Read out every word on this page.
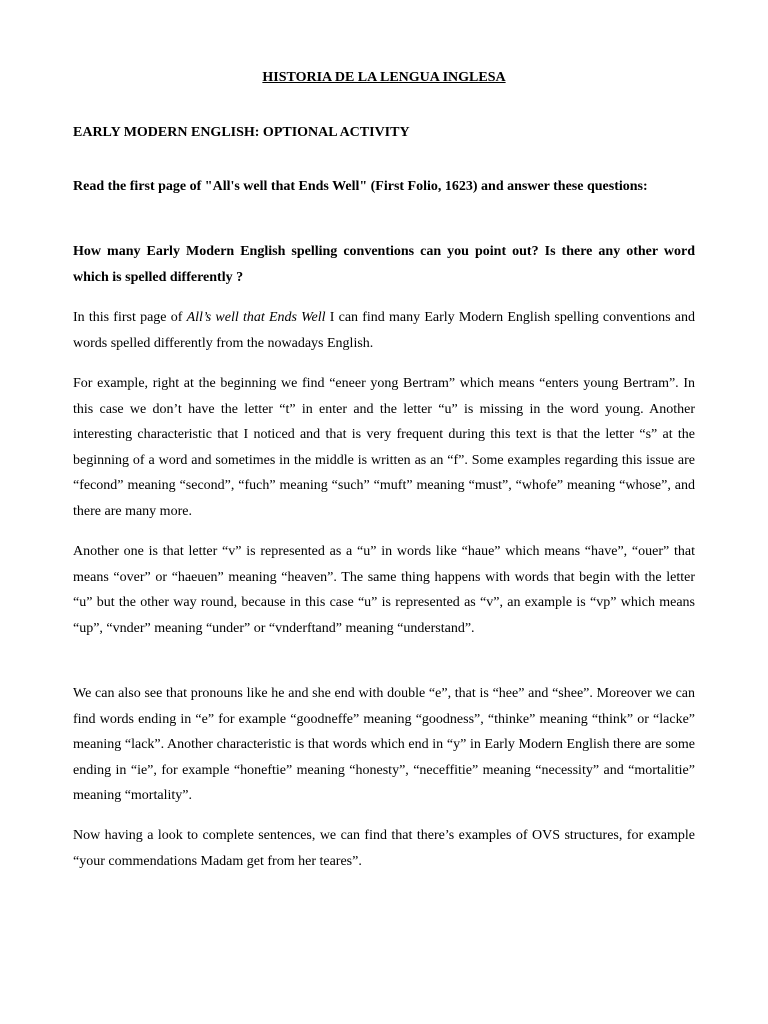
HISTORIA DE LA LENGUA INGLESA
EARLY MODERN ENGLISH: OPTIONAL ACTIVITY

Read the first page of "All's well that Ends Well" (First Folio, 1623) and answer these questions:

How many Early Modern English spelling conventions can you point out? Is there any other word which is spelled differently ?

In this first page of All’s well that Ends Well I can find many Early Modern English spelling conventions and words spelled differently from the nowadays English.

For example, right at the beginning we find “eneer yong Bertram” which means “enters young Bertram”. In this case we don’t have the letter “t” in enter and the letter “u” is missing in the word young. Another interesting characteristic that I noticed and that is very frequent during this text is that the letter “s” at the beginning of a word and sometimes in the middle is written as an “f”. Some examples regarding this issue are “fecond” meaning “second”, “fuch” meaning “such” “muft” meaning “must”, “whofe” meaning “whose”, and there are many more.

Another one is that letter “v” is represented as a “u” in words like “haue” which means “have”, “ouer” that means “over” or “haeuen” meaning “heaven”. The same thing happens with words that begin with the letter “u” but the other way round, because in this case “u” is represented as “v”, an example is “vp” which means “up”, “vnder” meaning “under” or “vnderftand” meaning “understand”.

We can also see that pronouns like he and she end with double “e”, that is “hee” and “shee”. Moreover we can find words ending in “e” for example “goodneffe” meaning “goodness”, “thinke” meaning “think” or “lacke” meaning “lack”. Another characteristic is that words which end in “y” in Early Modern English there are some ending in “ie”, for example “honeftie” meaning “honesty”, “neceffitie” meaning “necessity” and “mortalitie” meaning “mortality”.

Now having a look to complete sentences, we can find that there’s examples of OVS structures, for example “your commendations Madam get from her teares”.
